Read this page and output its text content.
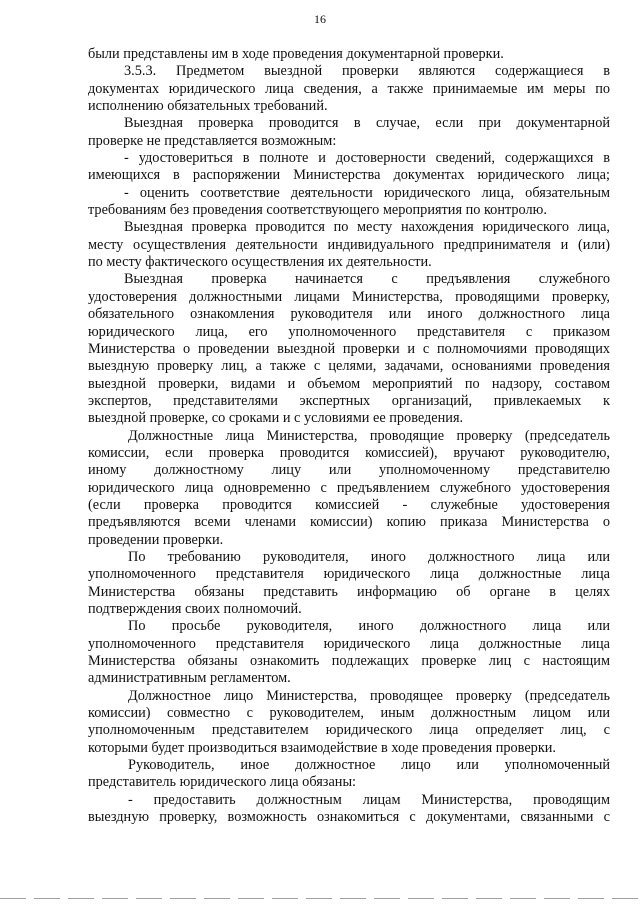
16
были представлены им в ходе проведения документарной проверки.
3.5.3. Предметом выездной проверки являются содержащиеся в
документах юридического лица сведения, а также принимаемые им меры по
исполнению обязательных требований.
Выездная проверка проводится в случае, если при документарной
проверке не представляется возможным:
- удостовериться в полноте и достоверности сведений, содержащихся в
имеющихся в распоряжении Министерства документах юридического лица;
- оценить соответствие деятельности юридического лица, обязательным
требованиям без проведения соответствующего мероприятия по контролю.
Выездная проверка проводится по месту нахождения юридического лица,
месту осуществления деятельности индивидуального предпринимателя и (или)
по месту фактического осуществления их деятельности.
Выездная проверка начинается с предъявления служебного
удостоверения должностными лицами Министерства, проводящими проверку,
обязательного ознакомления руководителя или иного должностного лица
юридического лица, его уполномоченного представителя с приказом
Министерства о проведении выездной проверки и с полномочиями проводящих
выездную проверку лиц, а также с целями, задачами, основаниями проведения
выездной проверки, видами и объемом мероприятий по надзору, составом
экспертов, представителями экспертных организаций, привлекаемых к
выездной проверке, со сроками и с условиями ее проведения.
Должностные лица Министерства, проводящие проверку (председатель
комиссии, если проверка проводится комиссией), вручают руководителю,
иному должностному лицу или уполномоченному представителю
юридического лица одновременно с предъявлением служебного удостоверения
(если проверка проводится комиссией - служебные удостоверения
предъявляются всеми членами комиссии) копию приказа Министерства о
проведении проверки.
По требованию руководителя, иного должностного лица или
уполномоченного представителя юридического лица должностные лица
Министерства обязаны представить информацию об органе в целях
подтверждения своих полномочий.
По просьбе руководителя, иного должностного лица или
уполномоченного представителя юридического лица должностные лица
Министерства обязаны ознакомить подлежащих проверке лиц с настоящим
административным регламентом.
Должностное лицо Министерства, проводящее проверку (председатель
комиссии) совместно с руководителем, иным должностным лицом или
уполномоченным представителем юридического лица определяет лиц, с
которыми будет производиться взаимодействие в ходе проведения проверки.
Руководитель, иное должностное лицо или уполномоченный
представитель юридического лица обязаны:
- предоставить должностным лицам Министерства, проводящим
выездную проверку, возможность ознакомиться с документами, связанными с
